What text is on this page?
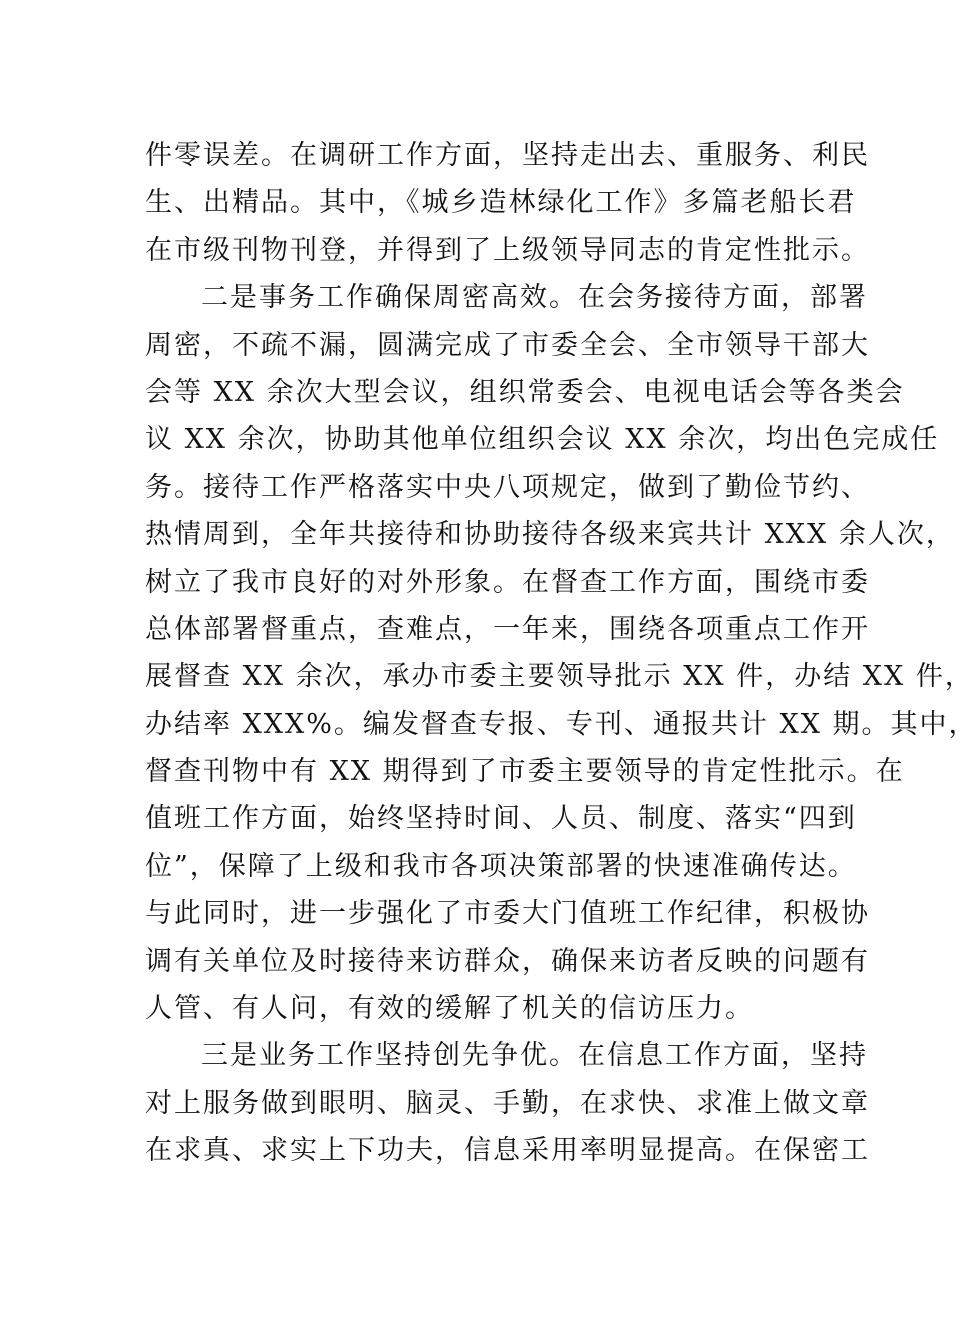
件零误差。在调研工作方面，坚持走出去、重服务、利民
生、出精品。其中，《城乡造林绿化工作》多篇老船长君
在市级刊物刊登，并得到了上级领导同志的肯定性批示。
二是事务工作确保周密高效。在会务接待方面，部署
周密，不疏不漏，圆满完成了市委全会、全市领导干部大
会等 XX 余次大型会议，组织常委会、电视电话会等各类会
议 XX 余次，协助其他单位组织会议 XX 余次，均出色完成任
务。接待工作严格落实中央八项规定，做到了勤俭节约、
热情周到，全年共接待和协助接待各级来宾共计 XXX 余人次，
树立了我市良好的对外形象。在督查工作方面，围绕市委
总体部署督重点，查难点，一年来，围绕各项重点工作开
展督查 XX 余次，承办市委主要领导批示 XX 件，办结 XX 件，
办结率 XXX%。编发督查专报、专刊、通报共计 XX 期。其中，
督查刊物中有 XX 期得到了市委主要领导的肯定性批示。在
值班工作方面，始终坚持时间、人员、制度、落实“四到
位”，保障了上级和我市各项决策部署的快速准确传达。
与此同时，进一步强化了市委大门值班工作纪律，积极协
调有关单位及时接待来访群众，确保来访者反映的问题有
人管、有人问，有效的缓解了机关的信访压力。
三是业务工作坚持创先争优。在信息工作方面，坚持
对上服务做到眼明、脑灵、手勤，在求快、求准上做文章
在求真、求实上下功夫，信息采用率明显提高。在保密工
